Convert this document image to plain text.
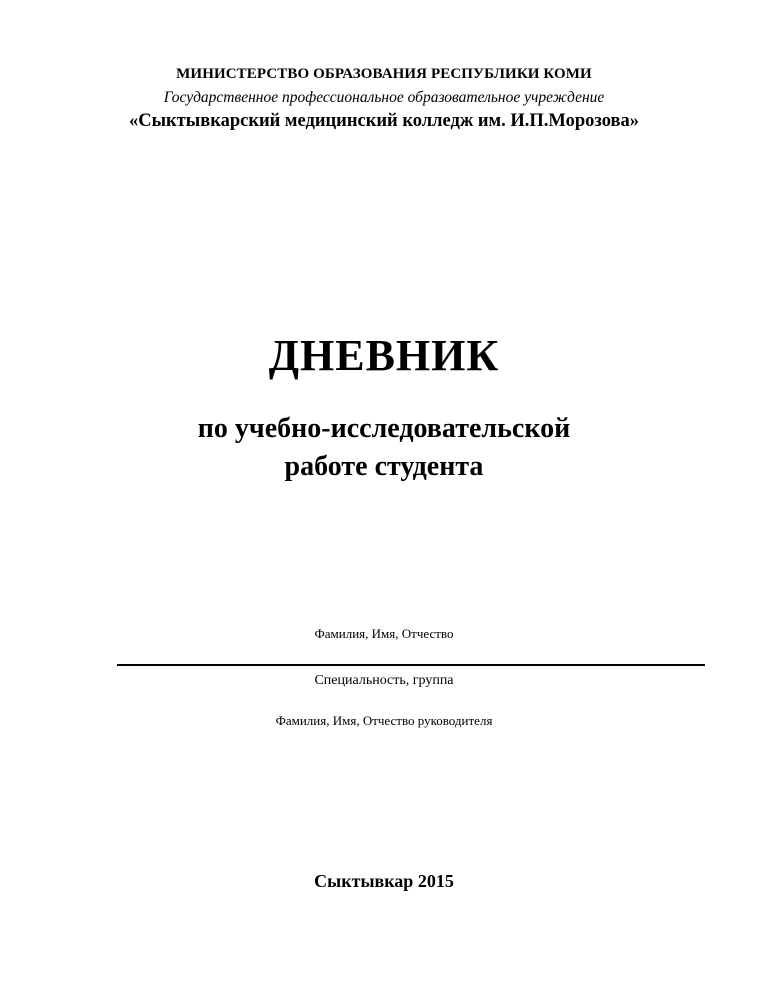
МИНИСТЕРСТВО ОБРАЗОВАНИЯ РЕСПУБЛИКИ КОМИ
Государственное профессиональное образовательное учреждение
«Сыктывкарский медицинский колледж им. И.П.Морозова»
ДНЕВНИК
по учебно-исследовательской
работе студента
Фамилия, Имя, Отчество
Специальность, группа
Фамилия, Имя, Отчество руководителя
Сыктывкар 2015
